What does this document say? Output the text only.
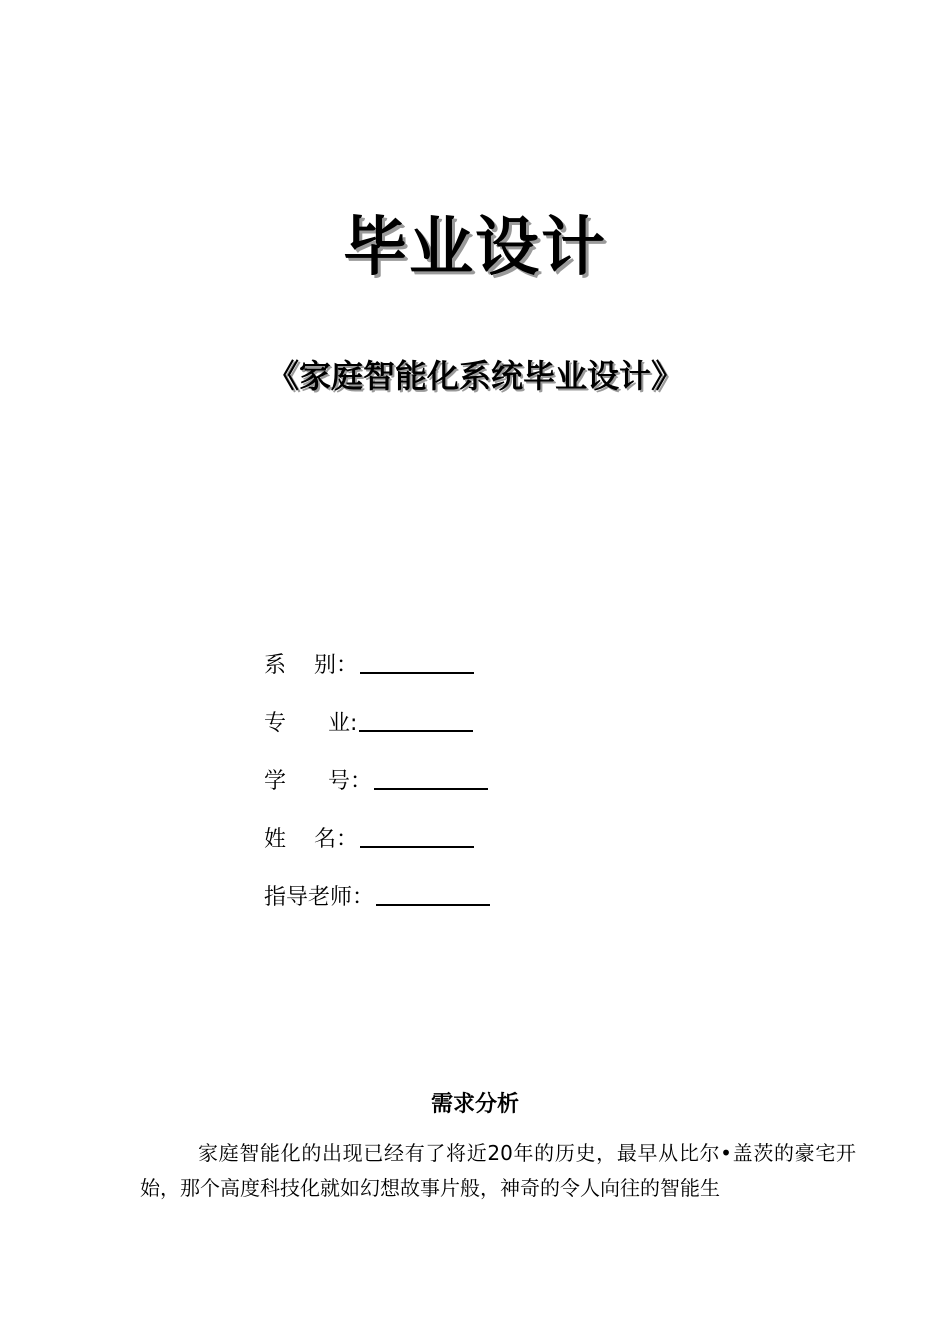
毕业设计
《家庭智能化系统毕业设计》
系    别：
专      业:
学      号：
姓    名：
指导老师：
需求分析
家庭智能化的出现已经有了将近20年的历史，最早从比尔•盖茨的豪宅开始，那个高度科技化就如幻想故事片般，神奇的令人向往的智能生
